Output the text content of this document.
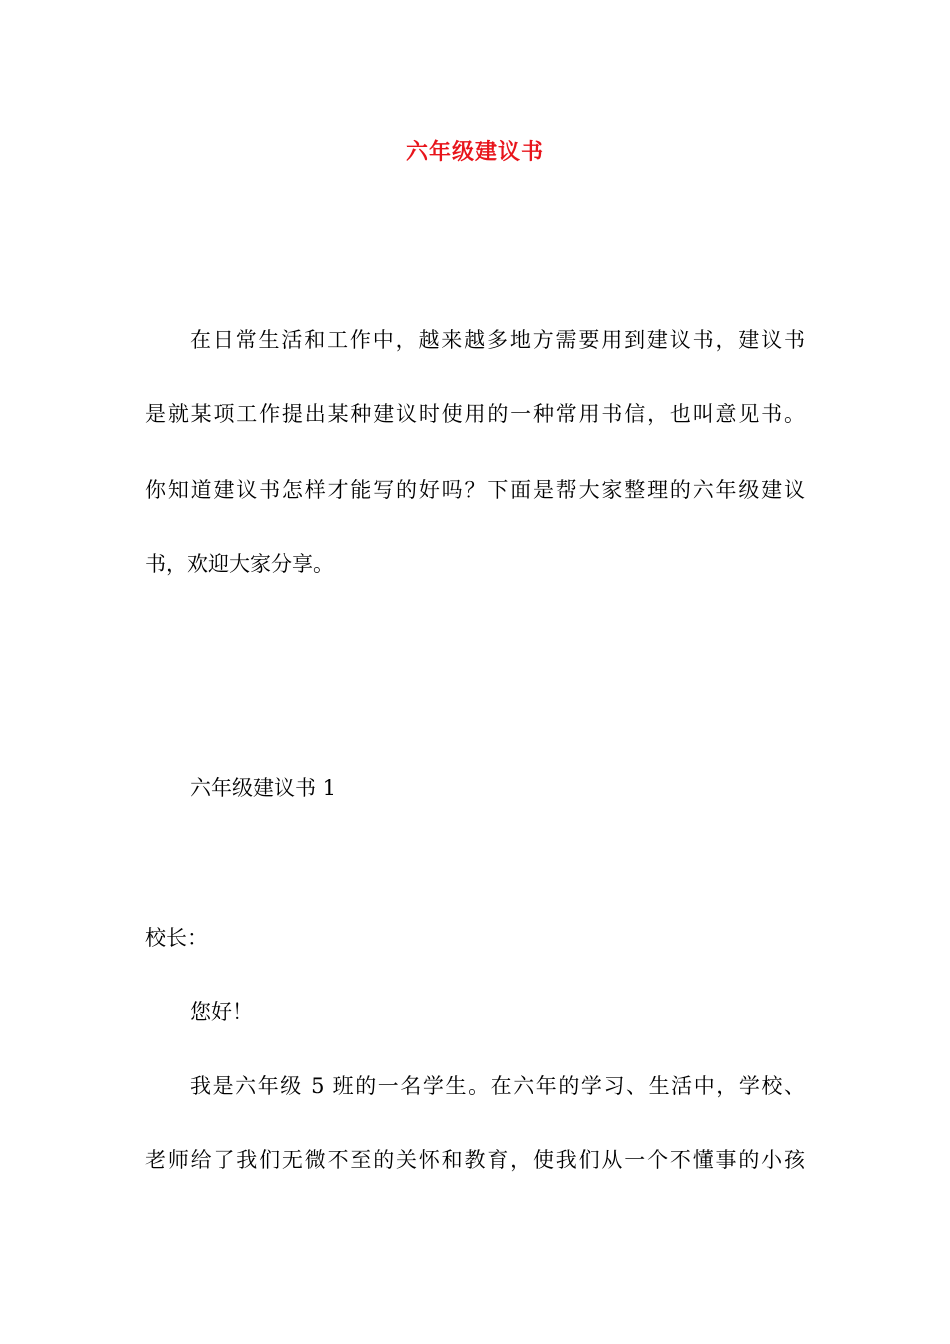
六年级建议书
在日常生活和工作中，越来越多地方需要用到建议书，建议书
是就某项工作提出某种建议时使用的一种常用书信，也叫意见书。
你知道建议书怎样才能写的好吗？下面是帮大家整理的六年级建议
书，欢迎大家分享。
六年级建议书 1
校长：
您好！
我是六年级 5 班的一名学生。在六年的学习、生活中，学校、
老师给了我们无微不至的关怀和教育，使我们从一个不懂事的小孩
